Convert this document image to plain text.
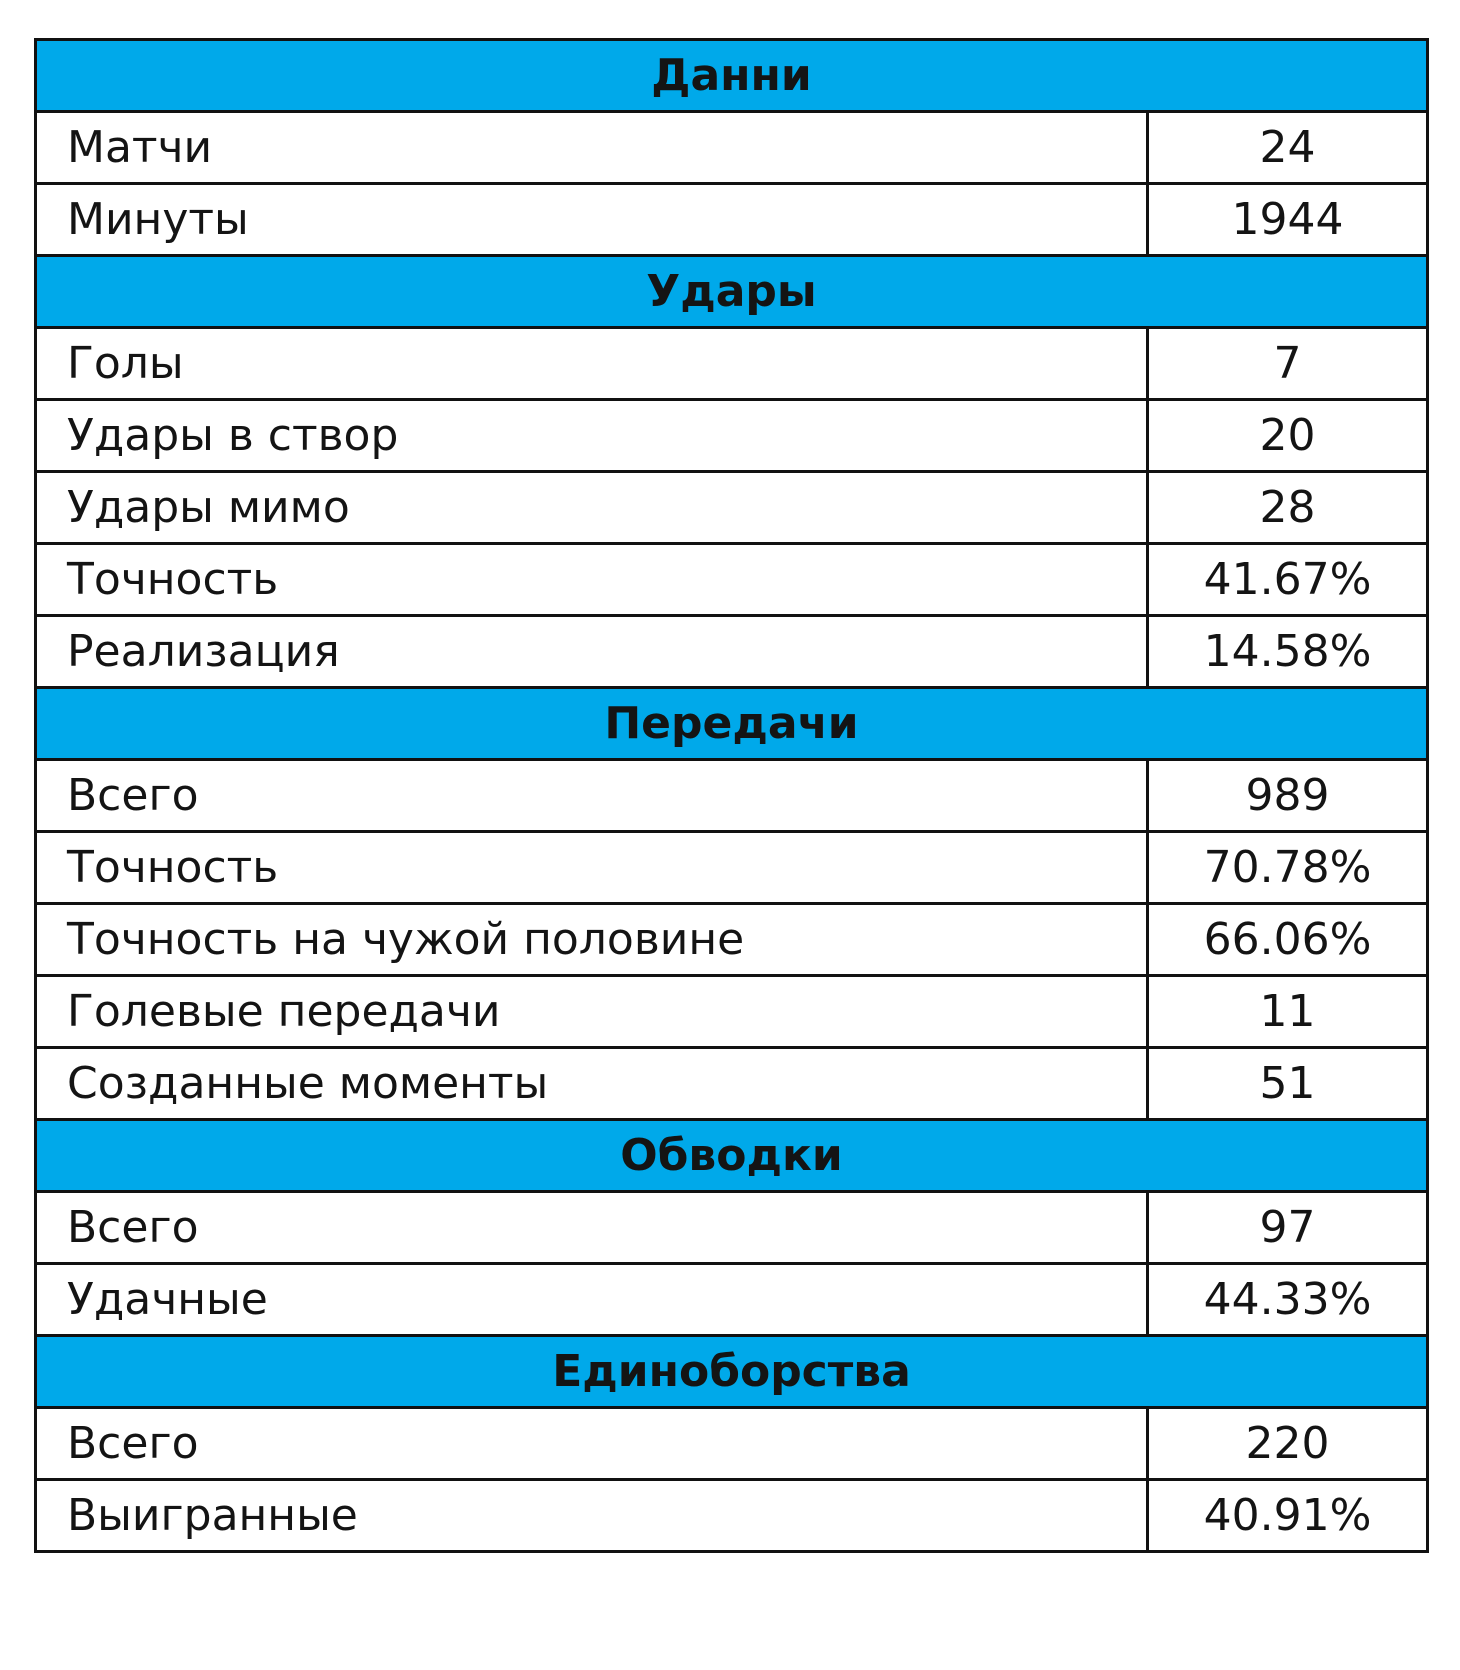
Данни	
Матчи	24
Минуты	1944
Удары	
Голы	7
Удары в створ	20
Удары мимо	28
Точность	41.67%
Реализация	14.58%
Передачи	
Всего	989
Точность	70.78%
Точность на чужой половине	66.06%
Голевые передачи	11
Созданные моменты	51
Обводки	
Всего	97
Удачные	44.33%
Единоборства	
Всего	220
Выигранные	40.91%
